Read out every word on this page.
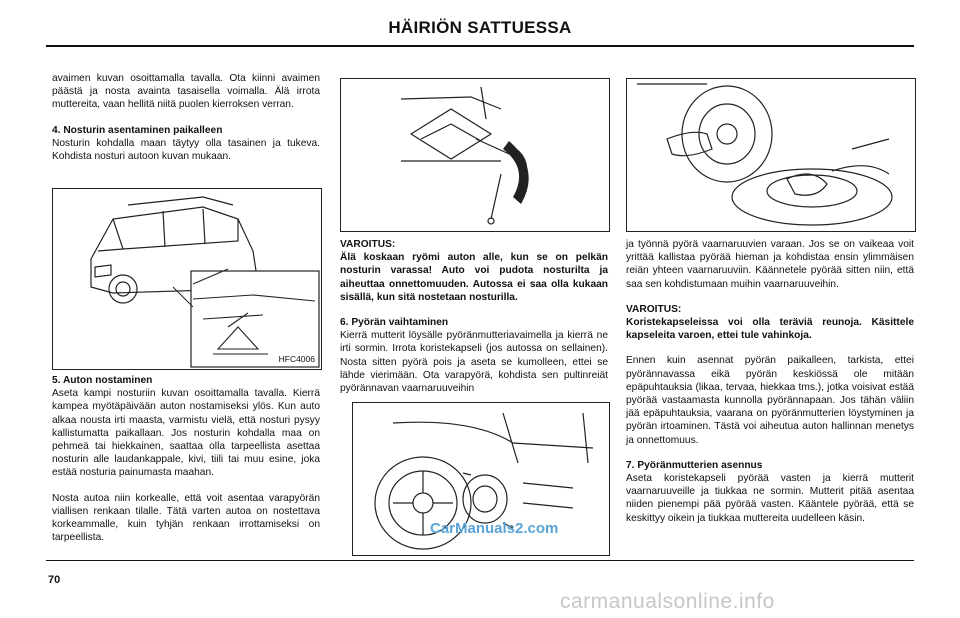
HÄIRIÖN SATTUESSA

avaimen kuvan osoittamalla tavalla. Ota kiinni avaimen päästä ja nosta avainta tasaisella voimalla. Älä irrota muttereita, vaan hellitä niitä puolen kierroksen verran.

4. Nosturin asentaminen paikalleen

Nosturin kohdalla maan täytyy olla tasainen ja tukeva. Kohdista nosturi autoon kuvan mukaan.

HFC4006
5. Auton nostaminen

Aseta kampi nosturiin kuvan osoittamalla tavalla. Kierrä kampea myötäpäivään auton nostamiseksi ylös. Kun auto alkaa nousta irti maasta, varmistu vielä, että nosturi pysyy kallistumatta paikallaan. Jos nosturin kohdalla maa on pehmeä tai hiekkainen, saattaa olla tarpeellista asettaa nosturin alle laudankappale, kivi, tiili tai muu esine, joka estää nosturia painumasta maahan.

Nosta autoa niin korkealle, että voit asentaa varapyörän viallisen renkaan tilalle. Tätä varten autoa on nostettava korkeammalle, kuin tyhjän renkaan irrottamiseksi on tarpeellista.

VAROITUS:

Älä koskaan ryömi auton alle, kun se on pelkän nosturin varassa! Auto voi pudota nosturilta ja aiheuttaa onnettomuuden. Autossa ei saa olla kukaan sisällä, kun sitä nostetaan nosturilla.

6. Pyörän vaihtaminen

Kierrä mutterit löysälle pyöränmutteriavaimella ja kierrä ne irti sormin. Irrota koristekapseli (jos autossa on sellainen). Nosta sitten pyörä pois ja aseta se kumolleen, ettei se lähde vierimään. Ota varapyörä, kohdista sen pultinreiät pyörännavan vaarnaruuveihin

ja työnnä pyörä vaarnaruuvien varaan. Jos se on vaikeaa voit yrittää kallistaa pyörää hieman ja kohdistaa ensin ylimmäisen reiän yhteen vaarnaruuviin. Käännetele pyörää sitten niin, että saa sen kohdistumaan muihin vaarnaruuveihin.

VAROITUS:

Koristekapseleissa voi olla teräviä reunoja. Käsittele kapseleita varoen, ettei tule vahinkoja.

Ennen kuin asennat pyörän paikalleen, tarkista, ettei pyörännavassa eikä pyörän keskiössä ole mitään epäpuhtauksia (likaa, tervaa, hiekkaa tms.), jotka voisivat estää pyörää vastaamasta kunnolla pyörännapaan. Jos tähän väliin jää epäpuhtauksia, vaarana on pyöränmutterien löystyminen ja pyörän irtoaminen. Tästä voi aiheutua auton hallinnan menetys ja onnettomuus.

7. Pyöränmutterien asennus

Aseta koristekapseli pyörää vasten ja kierrä mutterit vaarnaruuveille ja tiukkaa ne sormin. Mutterit pitää asentaa niiden pienempi pää pyörää vasten. Kääntele pyörää, että se keskittyy oikein ja tiukkaa muttereita uudelleen käsin.

70
CarManuals2.com
carmanualsonline.info
